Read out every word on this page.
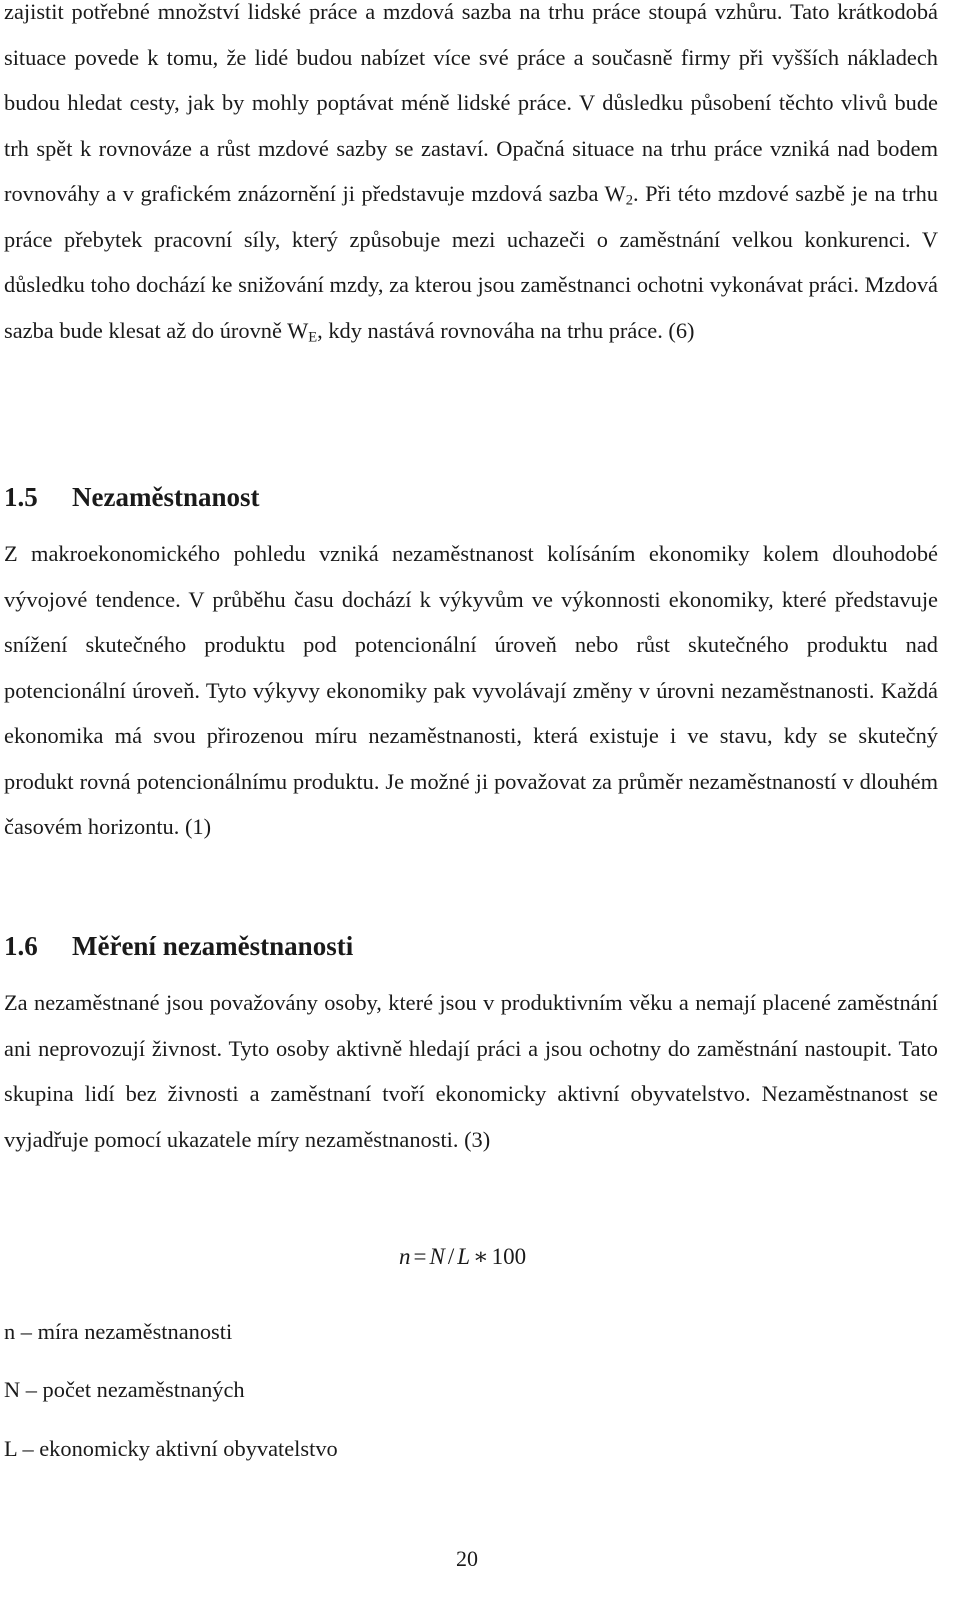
zajistit potřebné množství lidské práce a mzdová sazba na trhu práce stoupá vzhůru. Tato krátkodobá situace povede k tomu, že lidé budou nabízet více své práce a současně firmy při vyšších nákladech budou hledat cesty, jak by mohly poptávat méně lidské práce. V důsledku působení těchto vlivů bude trh spět k rovnováze a růst mzdové sazby se zastaví. Opačná situace na trhu práce vzniká nad bodem rovnováhy a v grafickém znázornění ji představuje mzdová sazba $W_2$. Při této mzdové sazbě je na trhu práce přebytek pracovní síly, který způsobuje mezi uchazeči o zaměstnání velkou konkurenci. V důsledku toho dochází ke snižování mzdy, za kterou jsou zaměstnanci ochotni vykonávat práci. Mzdová sazba bude klesat až do úrovně $W_E$, kdy nastává rovnováha na trhu práce. (6)

1.5 Nezaměstnanost

Z makroekonomického pohledu vzniká nezaměstnanost kolísáním ekonomiky kolem dlouhodobé vývojové tendence. V průběhu času dochází k výkyvům ve výkonnosti ekonomiky, které představuje snížení skutečného produktu pod potencionální úroveň nebo růst skutečného produktu nad potencionální úroveň. Tyto výkyvy ekonomiky pak vyvolávají změny v úrovni nezaměstnanosti. Každá ekonomika má svou přirozenou míru nezaměstnanosti, která existuje i ve stavu, kdy se skutečný produkt rovná potencionálnímu produktu. Je možné ji považovat za průměr nezaměstnaností v dlouhém časovém horizontu. (1)

1.6 Měření nezaměstnanosti

Za nezaměstnané jsou považovány osoby, které jsou v produktivním věku a nemají placené zaměstnání ani neprovozují živnost. Tyto osoby aktivně hledají práci a jsou ochotny do zaměstnání nastoupit. Tato skupina lidí bez živnosti a zaměstnaní tvoří ekonomicky aktivní obyvatelstvo. Nezaměstnanost se vyjadřuje pomocí ukazatele míry nezaměstnanosti. (3)

n = N / L ∗ 100

n – míra nezaměstnanosti

N – počet nezaměstnaných

L – ekonomicky aktivní obyvatelstvo

20
